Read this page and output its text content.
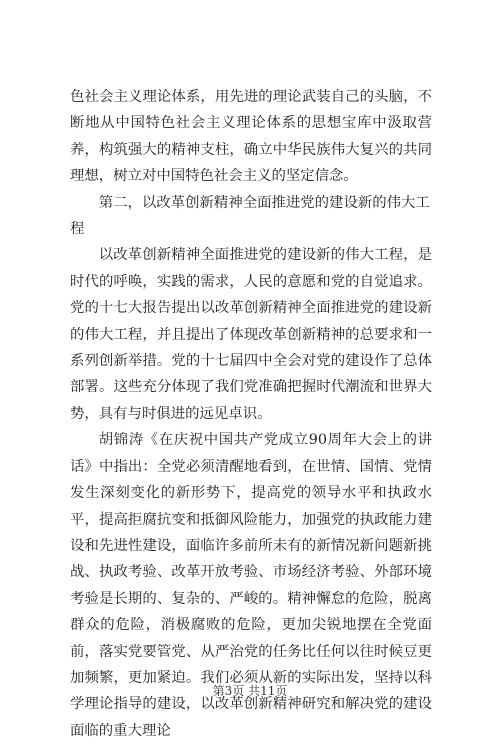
色社会主义理论体系，用先进的理论武装自己的头脑，不断地从中国特色社会主义理论体系的思想宝库中汲取营养，构筑强大的精神支柱，确立中华民族伟大复兴的共同理想，树立对中国特色社会主义的坚定信念。

第二，以改革创新精神全面推进党的建设新的伟大工程

以改革创新精神全面推进党的建设新的伟大工程，是时代的呼唤，实践的需求，人民的意愿和党的自觉追求。党的十七大报告提出以改革创新精神全面推进党的建设新的伟大工程，并且提出了体现改革创新精神的总要求和一系列创新举措。党的十七届四中全会对党的建设作了总体部署。这些充分体现了我们党准确把握时代潮流和世界大势，具有与时俱进的远见卓识。

胡锦涛《在庆祝中国共产党成立90周年大会上的讲话》中指出：全党必须清醒地看到，在世情、国情、党情发生深刻变化的新形势下，提高党的领导水平和执政水平，提高拒腐抗变和抵御风险能力，加强党的执政能力建设和先进性建设，面临许多前所未有的新情况新问题新挑战、执政考验、改革开放考验、市场经济考验、外部环境考验是长期的、复杂的、严峻的。精神懈怠的危险，脱离群众的危险，消极腐败的危险，更加尖锐地摆在全党面前，落实党要管党、从严治党的任务比任何以往时候豆更加频繁，更加紧迫。我们必须从新的实际出发，坚持以科学理论指导的建设，以改革创新精神研究和解决党的建设面临的重大理论

第3页 共11页
